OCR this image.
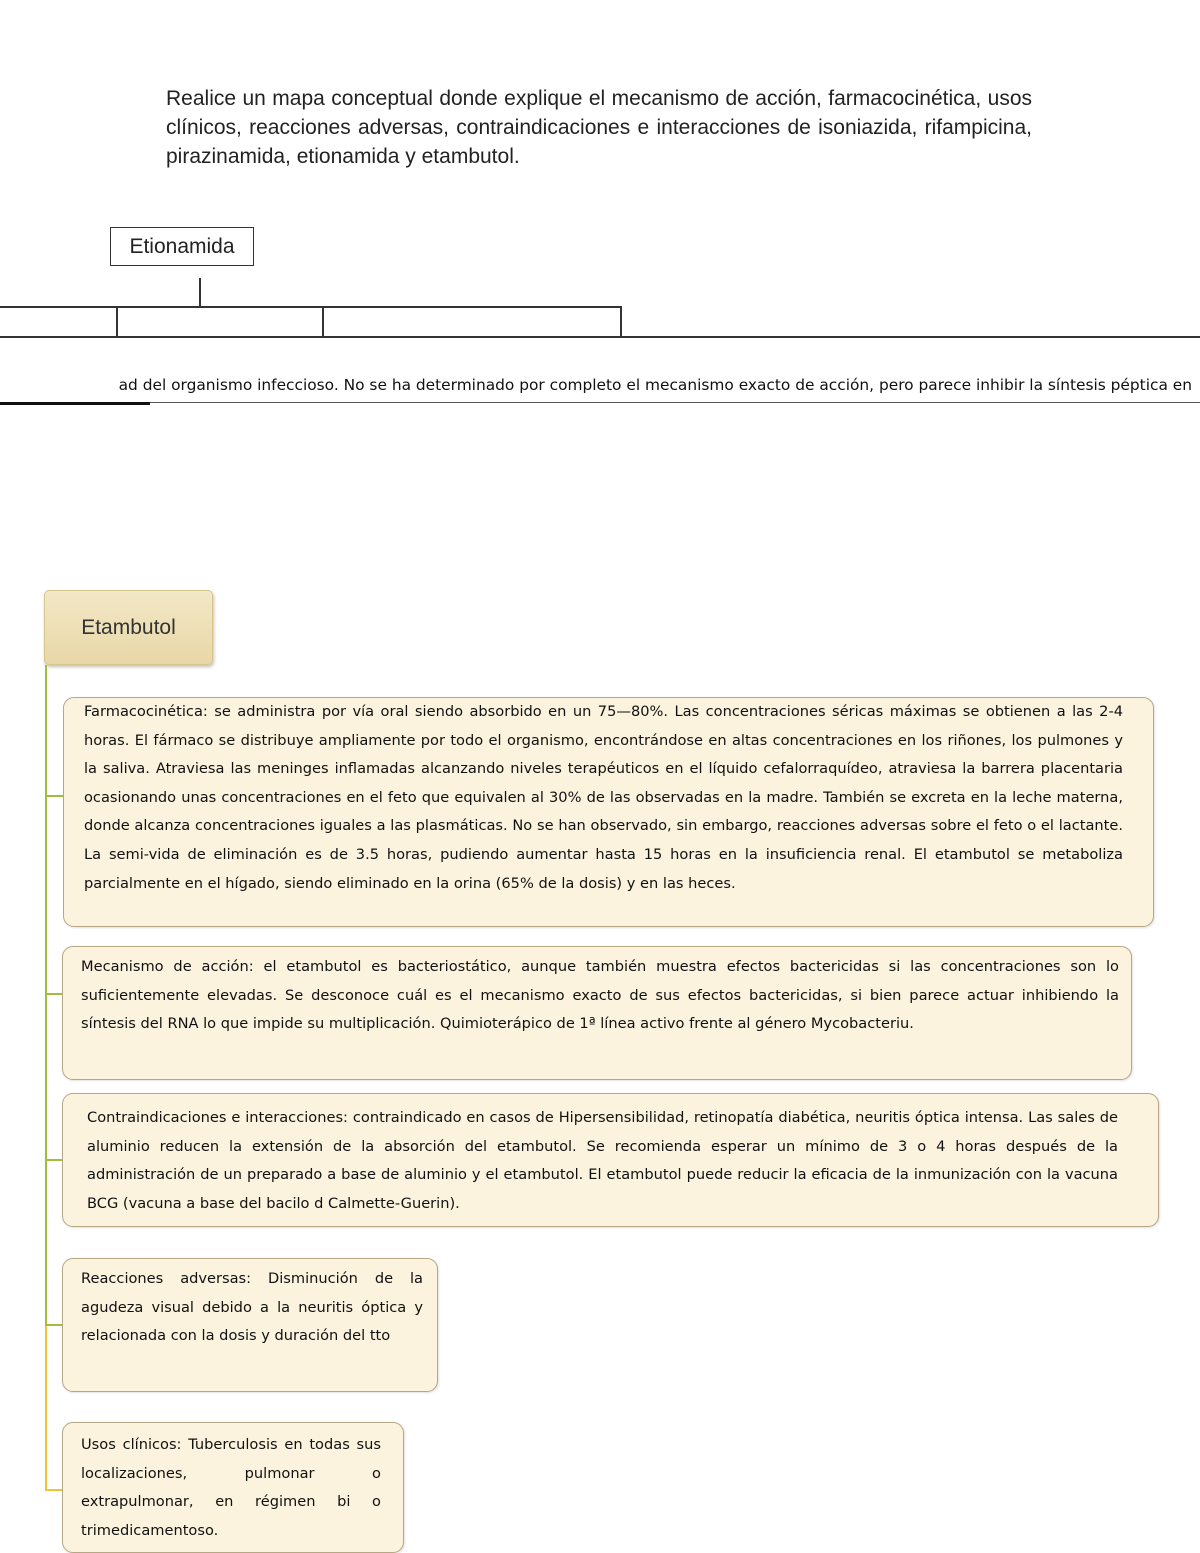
Realice un mapa conceptual donde explique el mecanismo de acción, farmacocinética, usos clínicos, reacciones adversas, contraindicaciones e interacciones de isoniazida, rifampicina, pirazinamida, etionamida y etambutol.
Etionamida
ad del organismo infeccioso. No se ha determinado por completo el mecanismo exacto de acción, pero parece inhibir la síntesis péptica en
Etambutol

Farmacocinética: se administra por vía oral siendo absorbido en un 75—80%. Las concentraciones séricas máximas se obtienen a las 2-4 horas. El fármaco se distribuye ampliamente por todo el organismo, encontrándose en altas concentraciones en los riñones, los pulmones y la saliva. Atraviesa las meninges inflamadas alcanzando niveles terapéuticos en el líquido cefalorraquídeo, atraviesa la barrera placentaria ocasionando unas concentraciones en el feto que equivalen al 30% de las observadas en la madre. También se excreta en la leche materna, donde alcanza concentraciones iguales a las plasmáticas. No se han observado, sin embargo, reacciones adversas sobre el feto o el lactante. La semi-vida de eliminación es de 3.5 horas, pudiendo aumentar hasta 15 horas en la insuficiencia renal. El etambutol se metaboliza parcialmente en el hígado, siendo eliminado en la orina (65% de la dosis) y en las heces.

Mecanismo de acción: el etambutol es bacteriostático, aunque también muestra efectos bactericidas si las concentraciones son lo suficientemente elevadas. Se desconoce cuál es el mecanismo exacto de sus efectos bactericidas, si bien parece actuar inhibiendo la síntesis del RNA lo que impide su multiplicación. Quimioterápico de 1ª línea activo frente al género Mycobacteriu.

Contraindicaciones e interacciones: contraindicado en casos de Hipersensibilidad, retinopatía diabética, neuritis óptica intensa. Las sales de aluminio reducen la extensión de la absorción del etambutol. Se recomienda esperar un mínimo de 3 o 4 horas después de la administración de un preparado a base de aluminio y el etambutol. El etambutol puede reducir la eficacia de la inmunización con la vacuna BCG (vacuna a base del bacilo d Calmette-Guerin).

Reacciones adversas: Disminución de la agudeza visual debido a la neuritis óptica y relacionada con la dosis y duración del tto

Usos clínicos: Tuberculosis en todas sus localizaciones, pulmonar o extrapulmonar, en régimen bi o trimedicamentoso.
